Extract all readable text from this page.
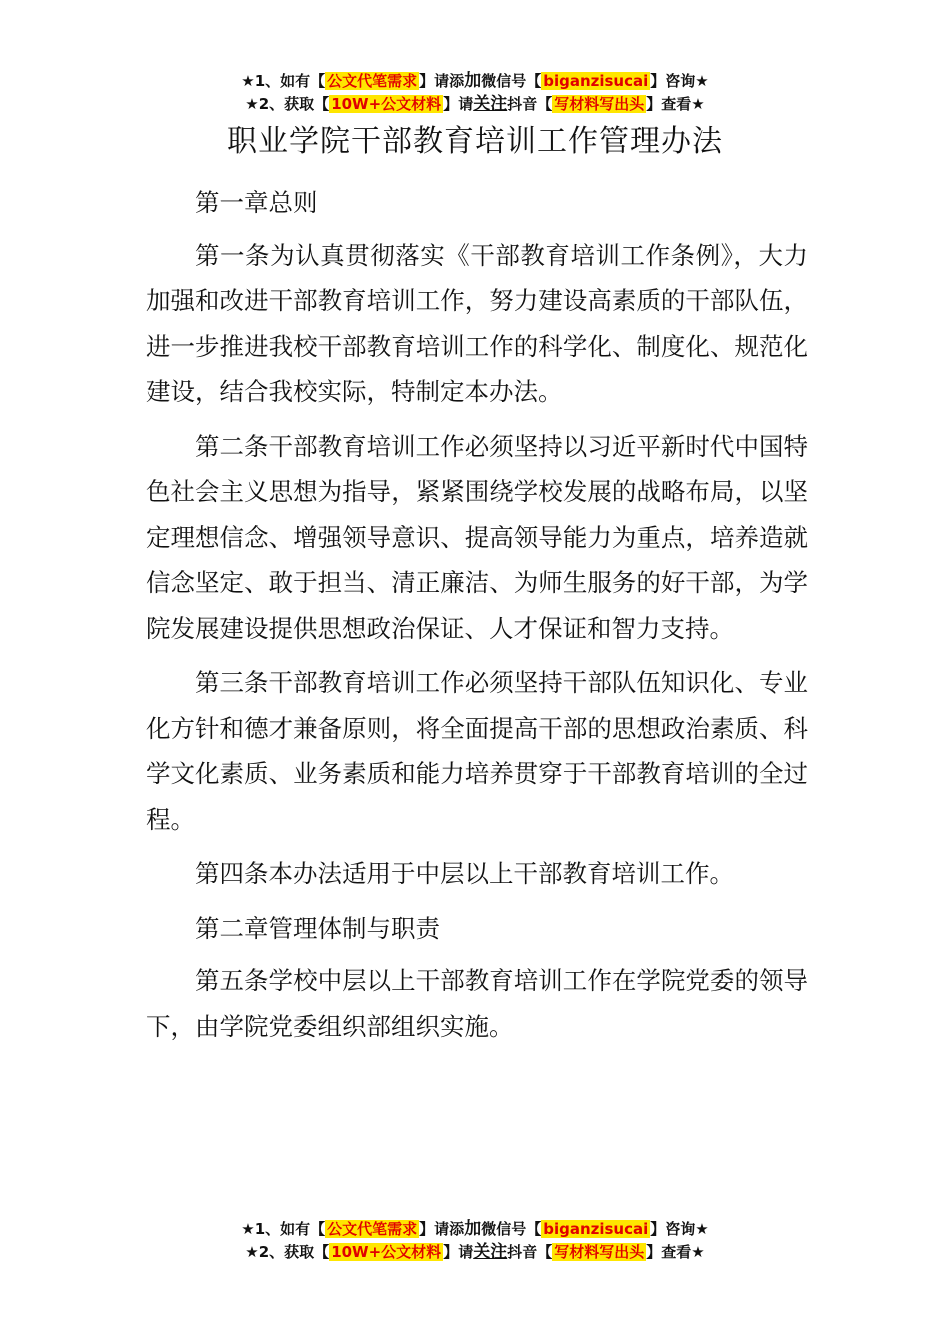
★1、如有【 公文代笔需求 】请添加微信号【 biganzisucai 】咨询★
★2、获取【 10W+公文材料 】请关注抖音【 写材料写出头 】查看★
职业学院干部教育培训工作管理办法

第一章总则

第一条为认真贯彻落实《干部教育培训工作条例》，大力加强和改进干部教育培训工作，努力建设高素质的干部队伍，进一步推进我校干部教育培训工作的科学化、制度化、规范化建设，结合我校实际，特制定本办法。

第二条干部教育培训工作必须坚持以习近平新时代中国特色社会主义思想为指导，紧紧围绕学校发展的战略布局，以坚定理想信念、增强领导意识、提高领导能力为重点，培养造就信念坚定、敢于担当、清正廉洁、为师生服务的好干部，为学院发展建设提供思想政治保证、人才保证和智力支持。

第三条干部教育培训工作必须坚持干部队伍知识化、专业化方针和德才兼备原则，将全面提高干部的思想政治素质、科学文化素质、业务素质和能力培养贯穿于干部教育培训的全过程。

第四条本办法适用于中层以上干部教育培训工作。

第二章管理体制与职责

第五条学校中层以上干部教育培训工作在学院党委的领导下，由学院党委组织部组织实施。

★1、如有【 公文代笔需求 】请添加微信号【 biganzisucai 】咨询★
★2、获取【 10W+公文材料 】请关注抖音【 写材料写出头 】查看★
